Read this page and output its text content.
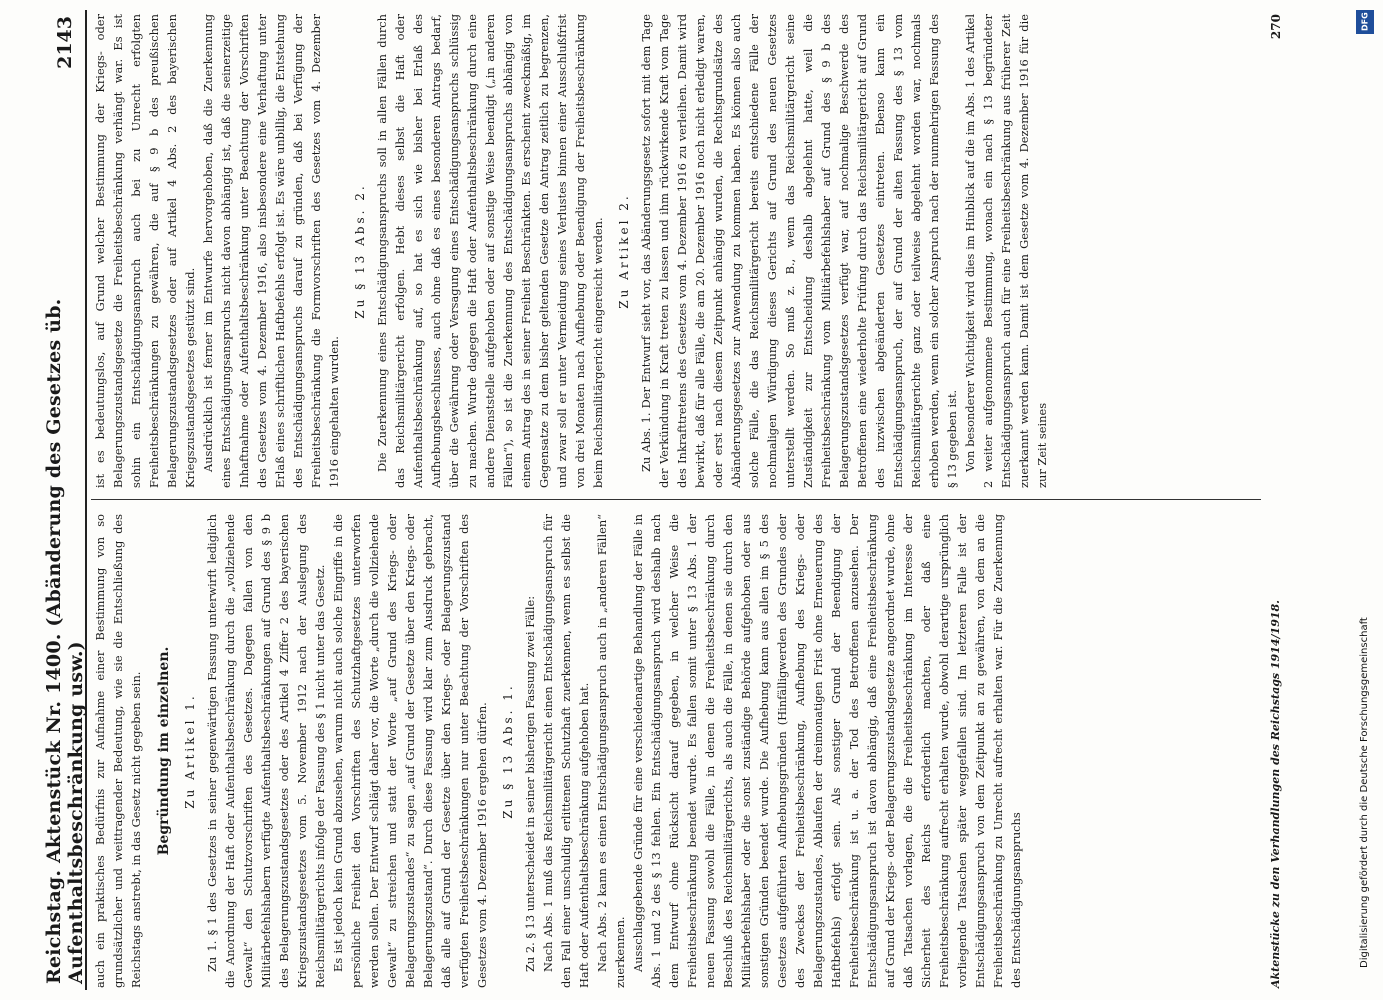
Reichstag. Aktenstück Nr. 1400. (Abänderung des Gesetzes üb. Aufenthaltsbeschränkung usw.)
2143

auch ein praktisches Bedürfnis zur Aufnahme einer Bestimmung von so grundsätzlicher und weittragender Bedeutung, wie sie die Entschließung des Reichstags anstrebt, in das Gesetz nicht gegeben sein. Begründung im einzelnen. Zu Artikel 1. Zu 1. § 1 des Gesetzes in seiner gegenwärtigen Fassung unterwirft lediglich die Anordnung der Haft oder Aufenthaltsbeschränkung durch die „vollziehende Gewalt“ den Schutzvorschriften des Gesetzes. Dagegen fallen von den Militärbefehlshabern verfügte Aufenthaltsbeschränkungen auf Grund des § 9 b des Belagerungszustandsgesetzes oder des Artikel 4 Ziffer 2 des bayerischen Kriegszustandsgesetzes vom 5. November 1912 nach der Auslegung des Reichsmilitärgerichts infolge der Fassung des § 1 nicht unter das Gesetz. Es ist jedoch kein Grund abzusehen, warum nicht auch solche Eingriffe in die persönliche Freiheit den Vorschriften des Schutzhaftgesetzes unterworfen werden sollen. Der Entwurf schlägt daher vor, die Worte „durch die vollziehende Gewalt“ zu streichen und statt der Worte „auf Grund des Kriegs- oder Belagerungszustandes“ zu sagen „auf Grund der Gesetze über den Kriegs- oder Belagerungszustand“. Durch diese Fassung wird klar zum Ausdruck gebracht, daß alle auf Grund der Gesetze über den Kriegs- oder Belagerungszustand verfügten Freiheitsbeschränkungen nur unter Beachtung der Vorschriften des Gesetzes vom 4. Dezember 1916 ergehen dürfen. Zu § 13 Abs. 1. Zu 2. § 13 unterscheidet in seiner bisherigen Fassung zwei Fälle: Nach Abs. 1 muß das Reichsmilitärgericht einen Entschädigungsanspruch für den Fall einer unschuldig erlittenen Schutzhaft zuerkennen, wenn es selbst die Haft oder Aufenthaltsbeschränkung aufgehoben hat. Nach Abs. 2 kann es einen Entschädigungsanspruch auch in „anderen Fällen“ zuerkennen. Ausschlaggebende Gründe für eine verschiedenartige Behandlung der Fälle in Abs. 1 und 2 des § 13 fehlen. Ein Entschädigungsanspruch wird deshalb nach dem Entwurf ohne Rücksicht darauf gegeben, in welcher Weise die Freiheitsbeschränkung beendet wurde. Es fallen somit unter § 13 Abs. 1 der neuen Fassung sowohl die Fälle, in denen die Freiheitsbeschränkung durch Beschluß des Reichsmilitärgerichts, als auch die Fälle, in denen sie durch den Militärbefehlshaber oder die sonst zuständige Behörde aufgehoben oder aus sonstigen Gründen beendet wurde. Die Aufhebung kann aus allen im § 5 des Gesetzes aufgeführten Aufhebungsgründen (Hinfälligwerden des Grundes oder des Zweckes der Freiheitsbeschränkung, Aufhebung des Kriegs- oder Belagerungszustandes, Ablaufen der dreimonatigen Frist ohne Erneuerung des Haftbefehls) erfolgt sein. Als sonstiger Grund der Beendigung der Freiheitsbeschränkung ist u. a. der Tod des Betroffenen anzusehen. Der Entschädigungsanspruch ist davon abhängig, daß eine Freiheitsbeschränkung auf Grund der Kriegs- oder Belagerungszustandsgesetze angeordnet wurde, ohne daß Tatsachen vorlagen, die die Freiheitsbeschränkung im Interesse der Sicherheit des Reichs erforderlich machten, oder daß eine Freiheitsbeschränkung aufrecht erhalten wurde, obwohl derartige ursprünglich vorliegende Tatsachen später weggefallen sind. Im letzteren Falle ist der Entschädigungsanspruch von dem Zeitpunkt an zu gewähren, von dem an die Freiheitsbeschränkung zu Unrecht aufrecht erhalten war. Für die Zuerkennung des Entschädigungsanspruchs

ist es bedeutungslos, auf Grund welcher Bestimmung der Kriegs- oder Belagerungszustandsgesetze die Freiheitsbeschränkung verhängt war. Es ist sohin ein Entschädigungsanspruch auch bei zu Unrecht erfolgten Freiheitsbeschränkungen zu gewähren, die auf § 9 b des preußischen Belagerungszustandsgesetzes oder auf Artikel 4 Abs. 2 des bayerischen Kriegszustandsgesetzes gestützt sind. Ausdrücklich ist ferner im Entwurfe hervorgehoben, daß die Zuerkennung eines Entschädigungsanspruchs nicht davon abhängig ist, daß die seinerzeitige Inhaftnahme oder Aufenthaltsbeschränkung unter Beachtung der Vorschriften des Gesetzes vom 4. Dezember 1916, also insbesondere eine Verhaftung unter Erlaß eines schriftlichen Haftbefehls erfolgt ist. Es wäre unbillig, die Entstehung des Entschädigungsanspruchs darauf zu gründen, daß bei Verfügung der Freiheitsbeschränkung die Formvorschriften des Gesetzes vom 4. Dezember 1916 eingehalten wurden.

Zu § 13 Abs. 2. Die Zuerkennung eines Entschädigungsanspruchs soll in allen Fällen durch das Reichsmilitärgericht erfolgen. Hebt dieses selbst die Haft oder Aufenthaltsbeschränkung auf, so hat es sich wie bisher bei Erlaß des Aufhebungsbeschlusses, auch ohne daß es eines besonderen Antrags bedarf, über die Gewährung oder Versagung eines Entschädigungsanspruchs schlüssig zu machen. Wurde dagegen die Haft oder Aufenthaltsbeschränkung durch eine andere Dienststelle aufgehoben oder auf sonstige Weise beendigt („in anderen Fällen“), so ist die Zuerkennung des Entschädigungsanspruchs abhängig von einem Antrag des in seiner Freiheit Beschränkten. Es erscheint zweckmäßig, im Gegensatze zu dem bisher geltenden Gesetze den Antrag zeitlich zu begrenzen, und zwar soll er unter Vermeidung seines Verlustes binnen einer Ausschlußfrist von drei Monaten nach Aufhebung oder Beendigung der Freiheitsbeschränkung beim Reichsmilitärgericht eingereicht werden. Zu Artikel 2. Zu Abs. 1. Der Entwurf sieht vor, das Abänderungsgesetz sofort mit dem Tage der Verkündung in Kraft treten zu lassen und ihm rückwirkende Kraft vom Tage des Inkrafttretens des Gesetzes vom 4. Dezember 1916 zu verleihen. Damit wird bewirkt, daß für alle Fälle, die am 20. Dezember 1916 noch nicht erledigt waren, oder erst nach diesem Zeitpunkt anhängig wurden, die Rechtsgrundsätze des Abänderungsgesetzes zur Anwendung zu kommen haben. Es können also auch solche Fälle, die das Reichsmilitärgericht bereits entschiedene Fälle der nochmaligen Würdigung dieses Gerichts auf Grund des neuen Gesetzes unterstellt werden. So muß z. B., wenn das Reichsmilitärgericht seine Zuständigkeit zur Entscheidung deshalb abgelehnt hatte, weil die Freiheitsbeschränkung vom Militärbefehlshaber auf Grund des § 9 b des Belagerungszustandsgesetzes verfügt war, auf nochmalige Beschwerde des Betroffenen eine wiederholte Prüfung durch das Reichsmilitärgericht auf Grund des inzwischen abgeänderten Gesetzes eintreten. Ebenso kann ein Entschädigungsanspruch, der auf Grund der alten Fassung des § 13 vom Reichsmilitärgerichte ganz oder teilweise abgelehnt worden war, nochmals erhoben werden, wenn ein solcher Anspruch nach der nunmehrigen Fassung des § 13 gegeben ist. Von besonderer Wichtigkeit wird dies im Hinblick auf die im Abs. 1 des Artikel 2 weiter aufgenommene Bestimmung, wonach ein nach § 13 begründeter Entschädigungsanspruch auch für eine Freiheitsbeschränkung aus früherer Zeit zuerkannt werden kann. Damit ist dem Gesetze vom 4. Dezember 1916 für die zur Zeit seines

Aktenstücke zu den Verhandlungen des Reichstags 1914/1918.
270	DFG
Digitalisierung gefördert durch die Deutsche Forschungsgemeinschaft
